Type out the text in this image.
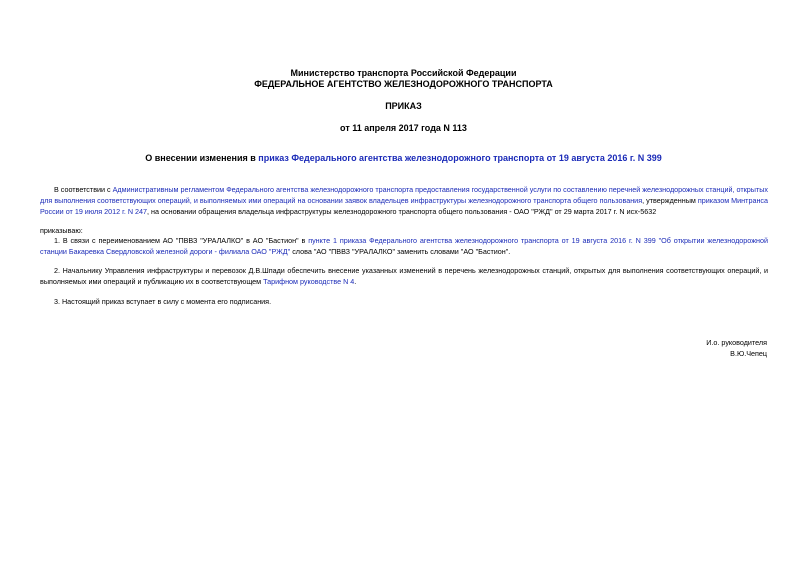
Министерство транспорта Российской Федерации
ФЕДЕРАЛЬНОЕ АГЕНТСТВО ЖЕЛЕЗНОДОРОЖНОГО ТРАНСПОРТА
ПРИКАЗ
от 11 апреля 2017 года N 113
О внесении изменения в приказ Федерального агентства железнодорожного транспорта от 19 августа 2016 г. N 399
В соответствии с Административным регламентом Федерального агентства железнодорожного транспорта предоставления государственной услуги по составлению перечней железнодорожных станций, открытых для выполнения соответствующих операций, и выполняемых ими операций на основании заявок владельцев инфраструктуры железнодорожного транспорта общего пользования, утвержденным приказом Минтранса России от 19 июля 2012 г. N 247, на основании обращения владельца инфраструктуры железнодорожного транспорта общего пользования - ОАО "РЖД" от 29 марта 2017 г. N исх-5632
приказываю:
1. В связи с переименованием АО "ПВВЗ "УРАЛАЛКО" в АО "Бастион" в пункте 1 приказа Федерального агентства железнодорожного транспорта от 19 августа 2016 г. N 399 "Об открытии железнодорожной станции Бакаревка Свердловской железной дороги - филиала ОАО "РЖД" слова "АО "ПВВЗ "УРАЛАЛКО" заменить словами "АО "Бастион".
2. Начальнику Управления инфраструктуры и перевозок Д.В.Шпади обеспечить внесение указанных изменений в перечень железнодорожных станций, открытых для выполнения соответствующих операций, и выполняемых ими операций и публикацию их в соответствующем Тарифном руководстве N 4.
3. Настоящий приказ вступает в силу с момента его подписания.
И.о. руководителя
В.Ю.Чепец
